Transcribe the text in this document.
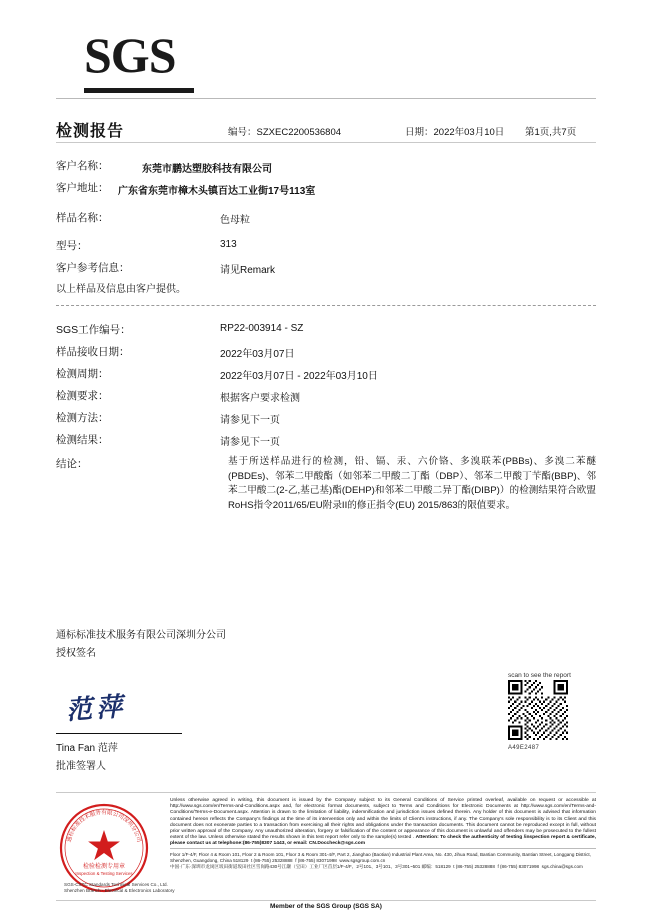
SGS
检测报告	编号：SZXEC2200536804	日期：2022年03月10日 第1页,共7页
客户名称：	东莞市鹏达塑胶科技有限公司
客户地址： 广东省东莞市樟木头镇百达工业街17号113室
样品名称：	色母粒
型号：	313
客户参考信息：	请见Remark
以上样品及信息由客户提供。
SGS工作编号：	RP22-003914 - SZ
样品接收日期：	2022年03月07日
检测周期：	2022年03月07日 - 2022年03月10日
检测要求：	根据客户要求检测
检测方法：	请参见下一页
检测结果：	请参见下一页
结论：	基于所送样品进行的检测，铅、镉、汞、六价铬、多溴联苯(PBBs)、多溴二苯醚(PBDEs)、邻苯二甲酸酯（如邻苯二甲酸二丁酯（DBP）、邻苯二甲酸丁苄酯(BBP)、邻苯二甲酸二(2-乙,基己基)酯(DEHP)和邻苯二甲酸二异丁酯(DIBP)）的检测结果符合欧盟RoHS指令2011/65/EU附录II的修正指令(EU) 2015/863的限值要求。
通标标准技术服务有限公司深圳分公司
授权签名
范萍
Tina Fan 范萍
批准签署人
scan to see the report
A49E2487
通标标准技术服务有限公司深圳分公司
检验检测专用章
Inspection & Testing Services
SGS-CSTC Standards Technical Services Co., Ltd.
Shenzhen Branch - Electrical & Electronics Laboratory
Unless otherwise agreed in writing, this document is issued by the Company subject to its General Conditions of Service printed overleaf, available on request or accessible at http://www.sgs.com/en/Terms-and-Conditions.aspx and, for electronic format documents, subject to Terms and Conditions for Electronic Documents at http://www.sgs.com/en/Terms-and-Conditions/Terms-e-Document.aspx. Attention is drawn to the limitation of liability, indemnification and jurisdiction issues defined therein. Any holder of this document is advised that information contained hereon reflects the Company's findings at the time of its intervention only and within the limits of Client's instructions, if any. The Company's sole responsibility is to its Client and this document does not exonerate parties to a transaction from exercising all their rights and obligations under the transaction documents. This document cannot be reproduced except in full, without prior written approval of the Company. Any unauthorized alteration, forgery or falsification of the content or appearance of this document is unlawful and offenders may be prosecuted to the fullest extent of the law. Unless otherwise stated the results shown in this test report refer only to the sample(s) tested . Attention: To check the authenticity of testing /inspection report & certificate, please contact us at telephone:(86-755)8307 1443, or email: CN.Doccheck@sgs.com
Floor 1/F-4/F, Floor 4 & Room 101, Floor 2 & Room 101, Floor 3 & Room 301-4/F, Part 2, Jianghao (Baotian) Industrial Plant Area, No. 430, Jihua Road, Bantian Community, Bantian Street, Longgang District, Shenzhen, Guangdong, China 518129 t (86-755) 25328888 f (86-755) 83071998 www.sgsgroup.com.cn
中国·广东·深圳市龙岗区坂田街道坂田社区雪岗路430号江灏（宝田）工业厂区首层1/F-4/F、2号101、3号101、3号301~501 邮编：518129 t (86-755) 25328888 f (86-755) 83071998 sgs.china@sgs.com
Member of the SGS Group (SGS SA)
